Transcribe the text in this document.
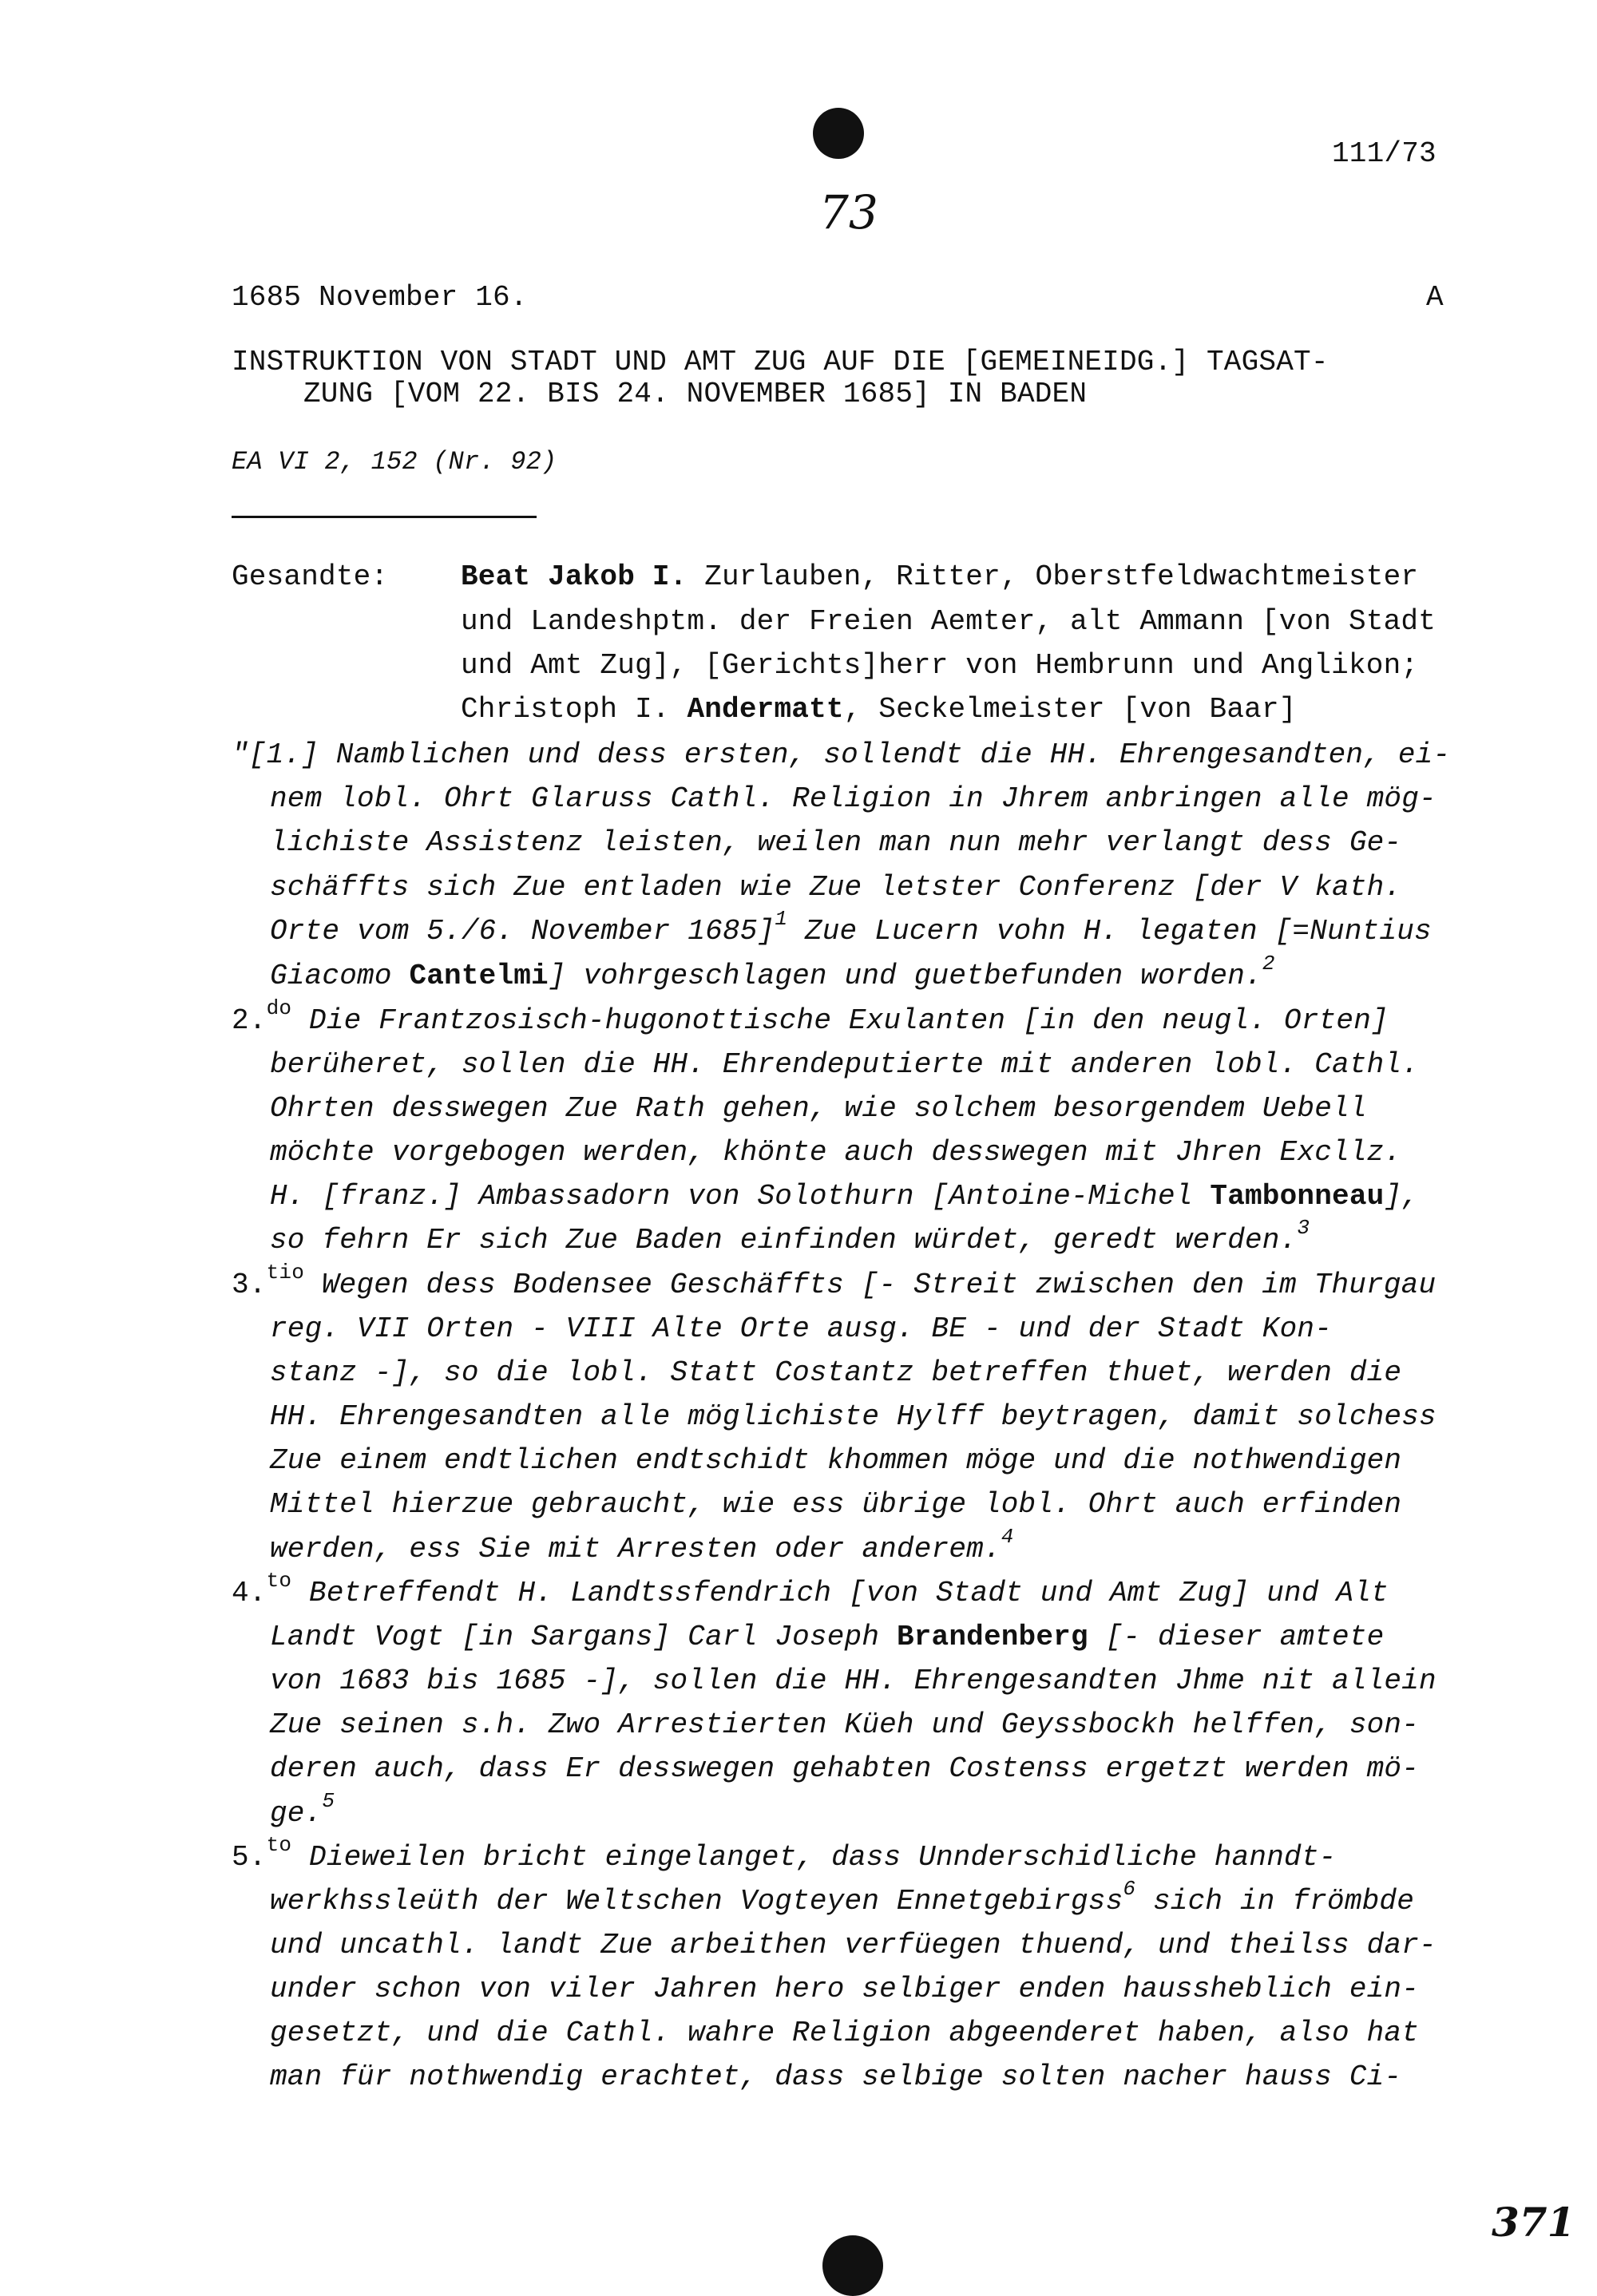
111/73
73
1685 November 16.	A
INSTRUKTION VON STADT UND AMT ZUG AUF DIE [GEMEINEIDG.] TAGSAT-
ZUNG [VOM 22. BIS 24. NOVEMBER 1685] IN BADEN
EA VI 2, 152 (Nr. 92)
Gesandte:	Beat Jakob I. Zurlauben, Ritter, Oberstfeldwachtmeister
und Landeshptm. der Freien Aemter, alt Ammann [von Stadt
und Amt Zug], [Gerichts]herr von Hembrunn und Anglikon;
Christoph I. Andermatt, Seckelmeister [von Baar]
"[1.] Namblichen und dess ersten, sollendt die HH. Ehrengesandten, ei-
nem lobl. Ohrt Glaruss Cathl. Religion in Jhrem anbringen alle mög-
lichiste Assistenz leisten, weilen man nun mehr verlangt dess Ge-
schäffts sich Zue entladen wie Zue letster Conferenz [der V kath.
Orte vom 5./6. November 1685]$^1$ Zue Lucern vohn H. legaten [=Nuntius
Giacomo Cantelmi] vohrgeschlagen und guetbefunden worden.$^2$
2.$^{do}$ Die Frantzosisch-hugonottische Exulanten [in den neugl. Orten]
berüheret, sollen die HH. Ehrendeputierte mit anderen lobl. Cathl.
Ohrten desswegen Zue Rath gehen, wie solchem besorgendem Uebell
möchte vorgebogen werden, khönte auch desswegen mit Jhren Excllz.
H. [franz.] Ambassadorn von Solothurn [Antoine-Michel Tambonneau],
so fehrn Er sich Zue Baden einfinden würdet, geredt werden.$^3$
3.$^{tio}$ Wegen dess Bodensee Geschäffts [- Streit zwischen den im Thurgau
reg. VII Orten - VIII Alte Orte ausg. BE - und der Stadt Kon-
stanz -], so die lobl. Statt Costantz betreffen thuet, werden die
HH. Ehrengesandten alle möglichiste Hylff beytragen, damit solchess
Zue einem endtlichen endtschidt khommen möge und die nothwendigen
Mittel hierzue gebraucht, wie ess übrige lobl. Ohrt auch erfinden
werden, ess Sie mit Arresten oder anderem.$^4$
4.$^{to}$ Betreffendt H. Landtssfendrich [von Stadt und Amt Zug] und Alt
Landt Vogt [in Sargans] Carl Joseph Brandenberg [- dieser amtete
von 1683 bis 1685 -], sollen die HH. Ehrengesandten Jhme nit allein
Zue seinen s.h. Zwo Arrestierten Küeh und Geyssbockh helffen, son-
deren auch, dass Er desswegen gehabten Costenss ergetzt werden mö-
ge.$^5$
5.$^{to}$ Dieweilen bricht eingelanget, dass Unnderschidliche hanndt-
werkhssleüth der Weltschen Vogteyen Ennetgebirgss$^6$ sich in frömbde
und uncathl. landt Zue arbeithen verfüegen thuend, und theilss dar-
under schon von viler Jahren hero selbiger enden haussheblich ein-
gesetzt, und die Cathl. wahre Religion abgeenderet haben, also hat
man für nothwendig erachtet, dass selbige solten nacher hauss Ci-
371
